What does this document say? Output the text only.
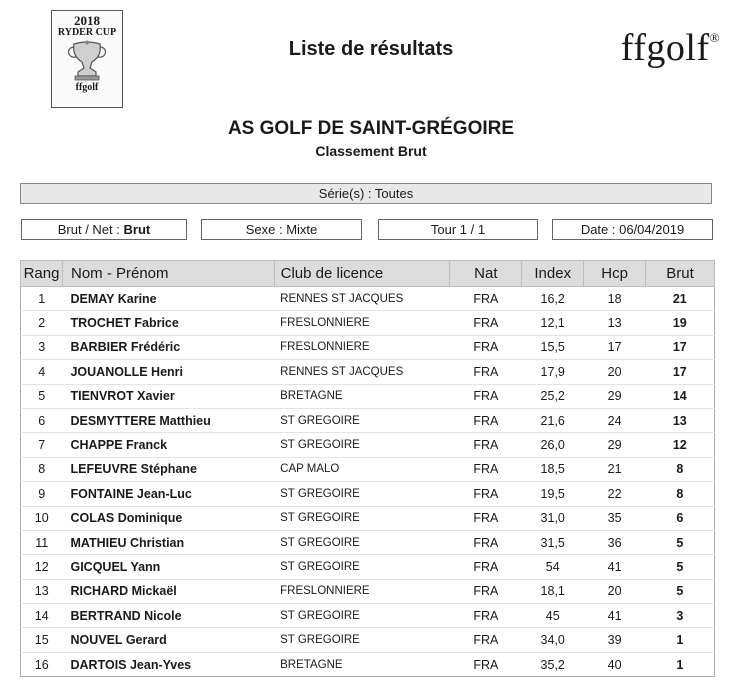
2018
RYDER CUP
ffgolf
Liste de résultats	ffgolf®
AS GOLF DE SAINT-GRÉGOIRE
Classement Brut
Série(s) : Toutes
Brut / Net : Brut	Sexe : Mixte	Tour 1 / 1	Date : 06/04/2019
Rang	Nom - Prénom	Club de licence	Nat	Index	Hcp	Brut
1	DEMAY Karine	RENNES ST JACQUES	FRA	16,2	18	21
2	TROCHET Fabrice	FRESLONNIERE	FRA	12,1	13	19
3	BARBIER Frédéric	FRESLONNIERE	FRA	15,5	17	17
4	JOUANOLLE Henri	RENNES ST JACQUES	FRA	17,9	20	17
5	TIENVROT Xavier	BRETAGNE	FRA	25,2	29	14
6	DESMYTTERE Matthieu	ST GREGOIRE	FRA	21,6	24	13
7	CHAPPE Franck	ST GREGOIRE	FRA	26,0	29	12
8	LEFEUVRE Stéphane	CAP MALO	FRA	18,5	21	8
9	FONTAINE Jean-Luc	ST GREGOIRE	FRA	19,5	22	8
10	COLAS Dominique	ST GREGOIRE	FRA	31,0	35	6
11	MATHIEU Christian	ST GREGOIRE	FRA	31,5	36	5
12	GICQUEL Yann	ST GREGOIRE	FRA	54	41	5
13	RICHARD Mickaël	FRESLONNIERE	FRA	18,1	20	5
14	BERTRAND Nicole	ST GREGOIRE	FRA	45	41	3
15	NOUVEL Gerard	ST GREGOIRE	FRA	34,0	39	1
16	DARTOIS Jean-Yves	BRETAGNE	FRA	35,2	40	1
